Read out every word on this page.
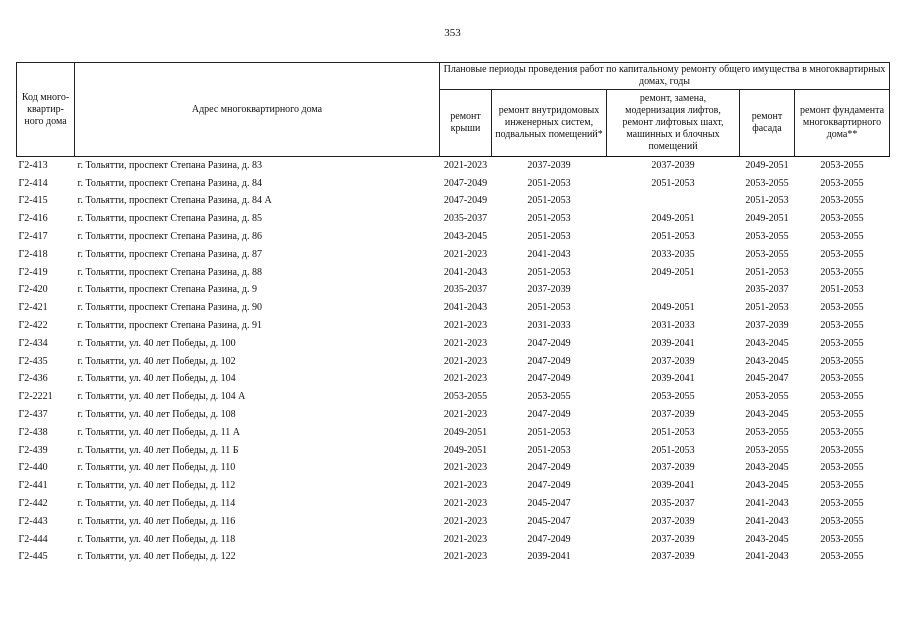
353
Код много-квартир-ного дома	Адрес многоквартирного дома	Плановые периоды проведения работ по капитальному ремонту общего имущества в многоквартирных домах, годы				
		ремонт крыши	ремонт внутридомовых инженерных систем, подвальных помещений*	ремонт, замена, модернизация лифтов, ремонт лифтовых шахт, машинных и блочных помещений	ремонт фасада	ремонт фундамента многоквартирного дома**
Г2-413	г. Тольятти, проспект Степана Разина, д. 83	2021-2023	2037-2039	2037-2039	2049-2051	2053-2055
Г2-414	г. Тольятти, проспект Степана Разина, д. 84	2047-2049	2051-2053	2051-2053	2053-2055	2053-2055
Г2-415	г. Тольятти, проспект Степана Разина, д. 84 А	2047-2049	2051-2053		2051-2053	2053-2055
Г2-416	г. Тольятти, проспект Степана Разина, д. 85	2035-2037	2051-2053	2049-2051	2049-2051	2053-2055
Г2-417	г. Тольятти, проспект Степана Разина, д. 86	2043-2045	2051-2053	2051-2053	2053-2055	2053-2055
Г2-418	г. Тольятти, проспект Степана Разина, д. 87	2021-2023	2041-2043	2033-2035	2053-2055	2053-2055
Г2-419	г. Тольятти, проспект Степана Разина, д. 88	2041-2043	2051-2053	2049-2051	2051-2053	2053-2055
Г2-420	г. Тольятти, проспект Степана Разина, д. 9	2035-2037	2037-2039		2035-2037	2051-2053
Г2-421	г. Тольятти, проспект Степана Разина, д. 90	2041-2043	2051-2053	2049-2051	2051-2053	2053-2055
Г2-422	г. Тольятти, проспект Степана Разина, д. 91	2021-2023	2031-2033	2031-2033	2037-2039	2053-2055
Г2-434	г. Тольятти, ул. 40 лет Победы, д. 100	2021-2023	2047-2049	2039-2041	2043-2045	2053-2055
Г2-435	г. Тольятти, ул. 40 лет Победы, д. 102	2021-2023	2047-2049	2037-2039	2043-2045	2053-2055
Г2-436	г. Тольятти, ул. 40 лет Победы, д. 104	2021-2023	2047-2049	2039-2041	2045-2047	2053-2055
Г2-2221	г. Тольятти, ул. 40 лет Победы, д. 104 А	2053-2055	2053-2055	2053-2055	2053-2055	2053-2055
Г2-437	г. Тольятти, ул. 40 лет Победы, д. 108	2021-2023	2047-2049	2037-2039	2043-2045	2053-2055
Г2-438	г. Тольятти, ул. 40 лет Победы, д. 11 А	2049-2051	2051-2053	2051-2053	2053-2055	2053-2055
Г2-439	г. Тольятти, ул. 40 лет Победы, д. 11 Б	2049-2051	2051-2053	2051-2053	2053-2055	2053-2055
Г2-440	г. Тольятти, ул. 40 лет Победы, д. 110	2021-2023	2047-2049	2037-2039	2043-2045	2053-2055
Г2-441	г. Тольятти, ул. 40 лет Победы, д. 112	2021-2023	2047-2049	2039-2041	2043-2045	2053-2055
Г2-442	г. Тольятти, ул. 40 лет Победы, д. 114	2021-2023	2045-2047	2035-2037	2041-2043	2053-2055
Г2-443	г. Тольятти, ул. 40 лет Победы, д. 116	2021-2023	2045-2047	2037-2039	2041-2043	2053-2055
Г2-444	г. Тольятти, ул. 40 лет Победы, д. 118	2021-2023	2047-2049	2037-2039	2043-2045	2053-2055
Г2-445	г. Тольятти, ул. 40 лет Победы, д. 122	2021-2023	2039-2041	2037-2039	2041-2043	2053-2055
